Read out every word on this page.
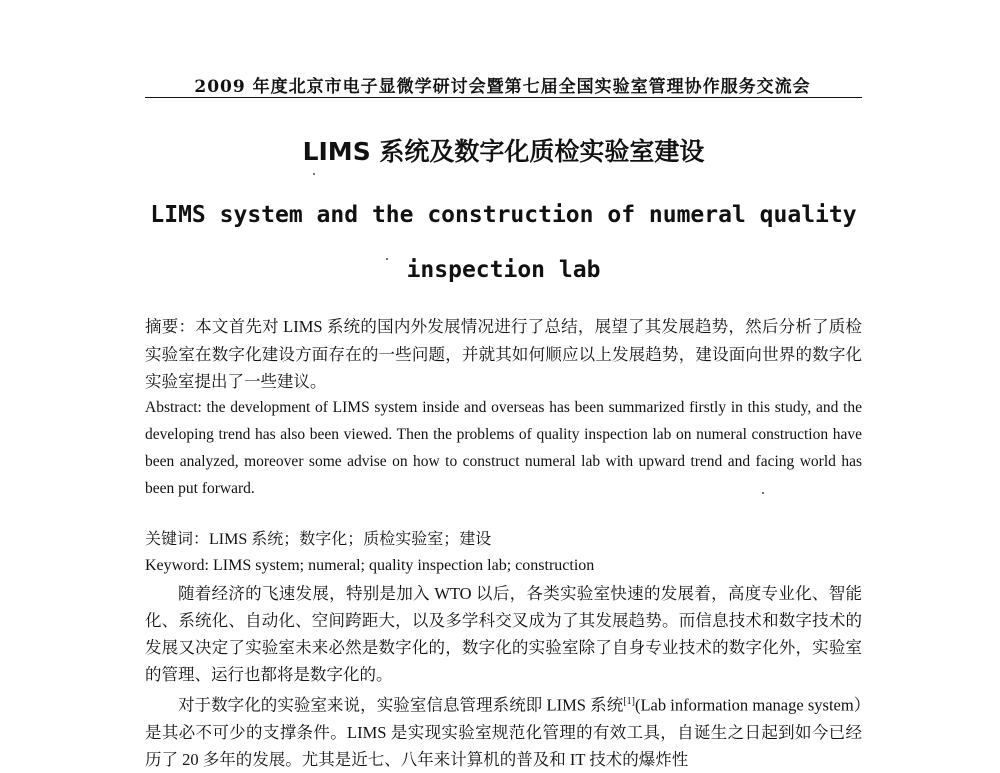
2009 年度北京市电子显微学研讨会暨第七届全国实验室管理协作服务交流会
LIMS 系统及数字化质检实验室建设
LIMS system and the construction of numeral quality inspection lab
摘要：本文首先对 LIMS 系统的国内外发展情况进行了总结，展望了其发展趋势，然后分析了质检实验室在数字化建设方面存在的一些问题，并就其如何顺应以上发展趋势，建设面向世界的数字化实验室提出了一些建议。
Abstract: the development of LIMS system inside and overseas has been summarized firstly in this study, and the developing trend has also been viewed. Then the problems of quality inspection lab on numeral construction have been analyzed, moreover some advise on how to construct numeral lab with upward trend and facing world has been put forward.
关键词：LIMS 系统；数字化；质检实验室；建设
Keyword: LIMS system; numeral; quality inspection lab; construction
随着经济的飞速发展，特别是加入 WTO 以后，各类实验室快速的发展着，高度专业化、智能化、系统化、自动化、空间跨距大，以及多学科交叉成为了其发展趋势。而信息技术和数字技术的发展又决定了实验室未来必然是数字化的，数字化的实验室除了自身专业技术的数字化外，实验室的管理、运行也都将是数字化的。
对于数字化的实验室来说，实验室信息管理系统即 LIMS 系统[1](Lab information manage system）是其必不可少的支撑条件。LIMS 是实现实验室规范化管理的有效工具，自诞生之日起到如今已经历了 20 多年的发展。尤其是近七、八年来计算机的普及和 IT 技术的爆炸性
